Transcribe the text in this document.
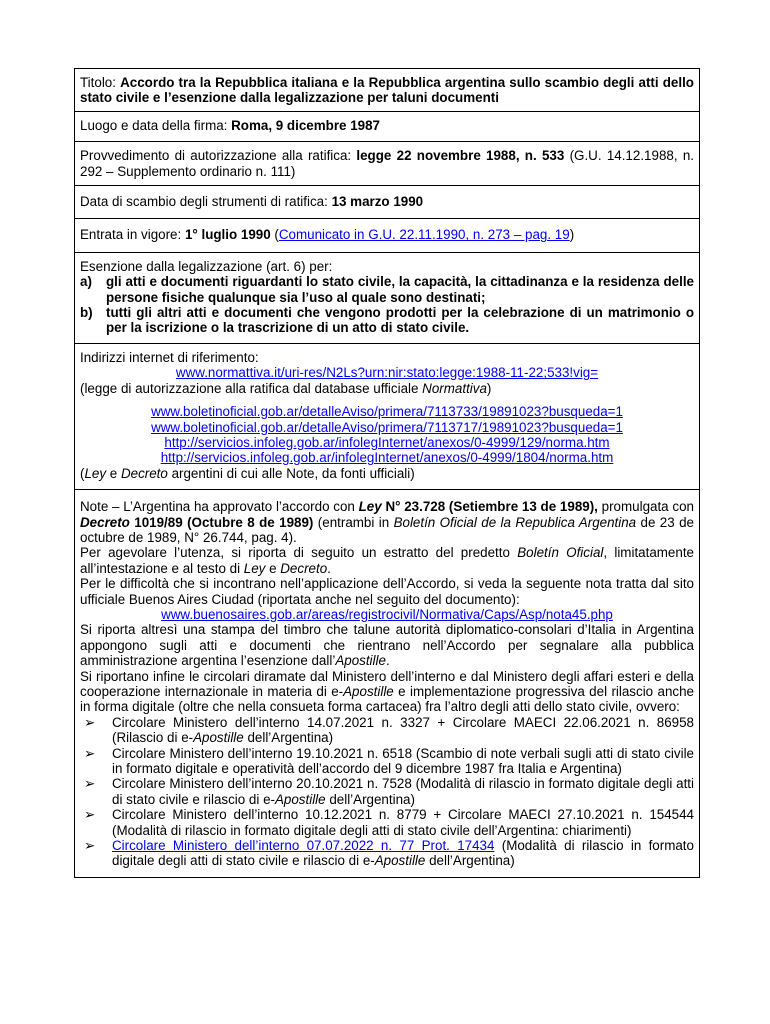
Titolo: Accordo tra la Repubblica italiana e la Repubblica argentina sullo scambio degli atti dello stato civile e l’esenzione dalla legalizzazione per taluni documenti
Luogo e data della firma: Roma, 9 dicembre 1987
Provvedimento di autorizzazione alla ratifica: legge 22 novembre 1988, n. 533 (G.U. 14.12.1988, n. 292 – Supplemento ordinario n. 111)
Data di scambio degli strumenti di ratifica: 13 marzo 1990
Entrata in vigore: 1° luglio 1990 (Comunicato in G.U. 22.11.1990, n. 273 – pag. 19)

Esenzione dalla legalizzazione (art. 6) per:

a)	gli atti e documenti riguardanti lo stato civile, la capacità, la cittadinanza e la residenza delle persone fisiche qualunque sia l’uso al quale sono destinati;
b) tutti gli altri atti e documenti che vengono prodotti per la celebrazione di un matrimonio o per la iscrizione o la trascrizione di un atto di stato civile.

Indirizzi internet di riferimento:

www.normattiva.it/uri-res/N2Ls?urn:nir:stato:legge:1988-11-22;533!vig=

(legge di autorizzazione alla ratifica dal database ufficiale Normattiva)

www.boletinoficial.gob.ar/detalleAviso/primera/7113733/19891023?busqueda=1
www.boletinoficial.gob.ar/detalleAviso/primera/7113717/19891023?busqueda=1
http://servicios.infoleg.gob.ar/infolegInternet/anexos/0-4999/129/norma.htm
http://servicios.infoleg.gob.ar/infolegInternet/anexos/0-4999/1804/norma.htm

(Ley e Decreto argentini di cui alle Note, da fonti ufficiali)

Note – L’Argentina ha approvato l’accordo con Ley N° 23.728 (Setiembre 13 de 1989), promulgata con Decreto 1019/89 (Octubre 8 de 1989) (entrambi in Boletín Oficial de la Republica Argentina de 23 de octubre de 1989, N° 26.744, pag. 4).

Per agevolare l’utenza, si riporta di seguito un estratto del predetto Boletín Oficial, limitatamente all’intestazione e al testo di Ley e Decreto.

Per le difficoltà che si incontrano nell’applicazione dell’Accordo, si veda la seguente nota tratta dal sito ufficiale Buenos Aires Ciudad (riportata anche nel seguito del documento):

www.buenosaires.gob.ar/areas/registrocivil/Normativa/Caps/Asp/nota45.php

Si riporta altresì una stampa del timbro che talune autorità diplomatico-consolari d’Italia in Argentina appongono sugli atti e documenti che rientrano nell’Accordo per segnalare alla pubblica amministrazione argentina l’esenzione dall’Apostille.

Si riportano infine le circolari diramate dal Ministero dell’interno e dal Ministero degli affari esteri e della cooperazione internazionale in materia di e-Apostille e implementazione progressiva del rilascio anche in forma digitale (oltre che nella consueta forma cartacea) fra l’altro degli atti dello stato civile, ovvero:

➢	Circolare Ministero dell’interno 14.07.2021 n. 3327 + Circolare MAECI 22.06.2021 n. 86958 (Rilascio di e-Apostille dell’Argentina)
➢	Circolare Ministero dell’interno 19.10.2021 n. 6518 (Scambio di note verbali sugli atti di stato civile in formato digitale e operatività dell’accordo del 9 dicembre 1987 fra Italia e Argentina)
➢	Circolare Ministero dell’interno 20.10.2021 n. 7528 (Modalità di rilascio in formato digitale degli atti di stato civile e rilascio di e-Apostille dell’Argentina)
➢	Circolare Ministero dell’interno 10.12.2021 n. 8779 + Circolare MAECI 27.10.2021 n. 154544 (Modalità di rilascio in formato digitale degli atti di stato civile dell’Argentina: chiarimenti)
➢	Circolare Ministero dell’interno 07.07.2022 n. 77 Prot. 17434 (Modalità di rilascio in formato digitale degli atti di stato civile e rilascio di e-Apostille dell’Argentina)
